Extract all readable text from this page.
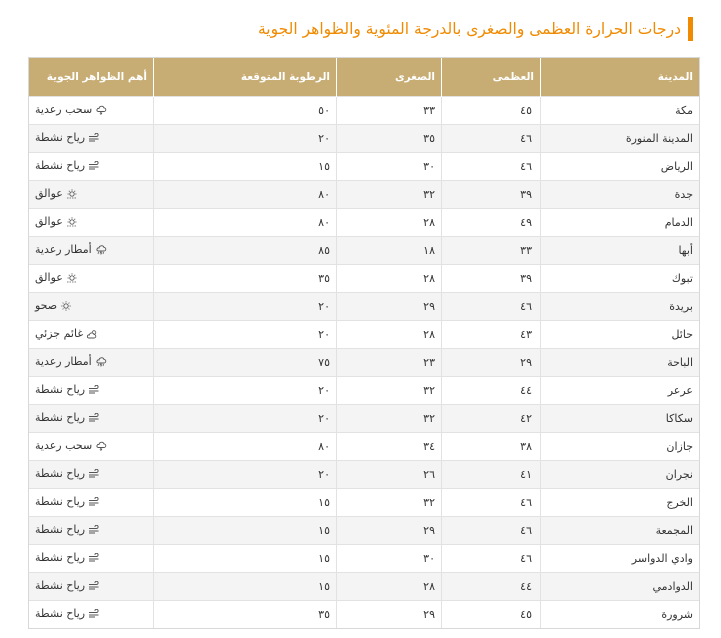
درجات الحرارة العظمى والصغرى بالدرجة المئوية والظواهر الجوية
المدينة	العظمى	الصغرى	الرطوبة المتوقعة	أهم الظواهر الجوية
مكة	٤٥	٣٣	٥٠	سحب رعدية

المدينة المنورة	٤٦	٣٥	٢٠	رياح نشطة

الرياض	٤٦	٣٠	١٥	رياح نشطة

جدة	٣٩	٣٢	٨٠	عوالق

الدمام	٤٩	٢٨	٨٠	عوالق

أبها	٣٣	١٨	٨٥	أمطار رعدية

تبوك	٣٩	٢٨	٣٥	عوالق

بريدة	٤٦	٢٩	٢٠	صحو

حائل	٤٣	٢٨	٢٠	غائم جزئي

الباحة	٢٩	٢٣	٧٥	أمطار رعدية

عرعر	٤٤	٣٢	٢٠	رياح نشطة

سكاكا	٤٢	٣٢	٢٠	رياح نشطة

جازان	٣٨	٣٤	٨٠	سحب رعدية

نجران	٤١	٢٦	٢٠	رياح نشطة

الخرج	٤٦	٣٢	١٥	رياح نشطة

المجمعة	٤٦	٢٩	١٥	رياح نشطة

وادي الدواسر	٤٦	٣٠	١٥	رياح نشطة

الدوادمي	٤٤	٢٨	١٥	رياح نشطة

شرورة	٤٥	٢٩	٣٥	رياح نشطة
